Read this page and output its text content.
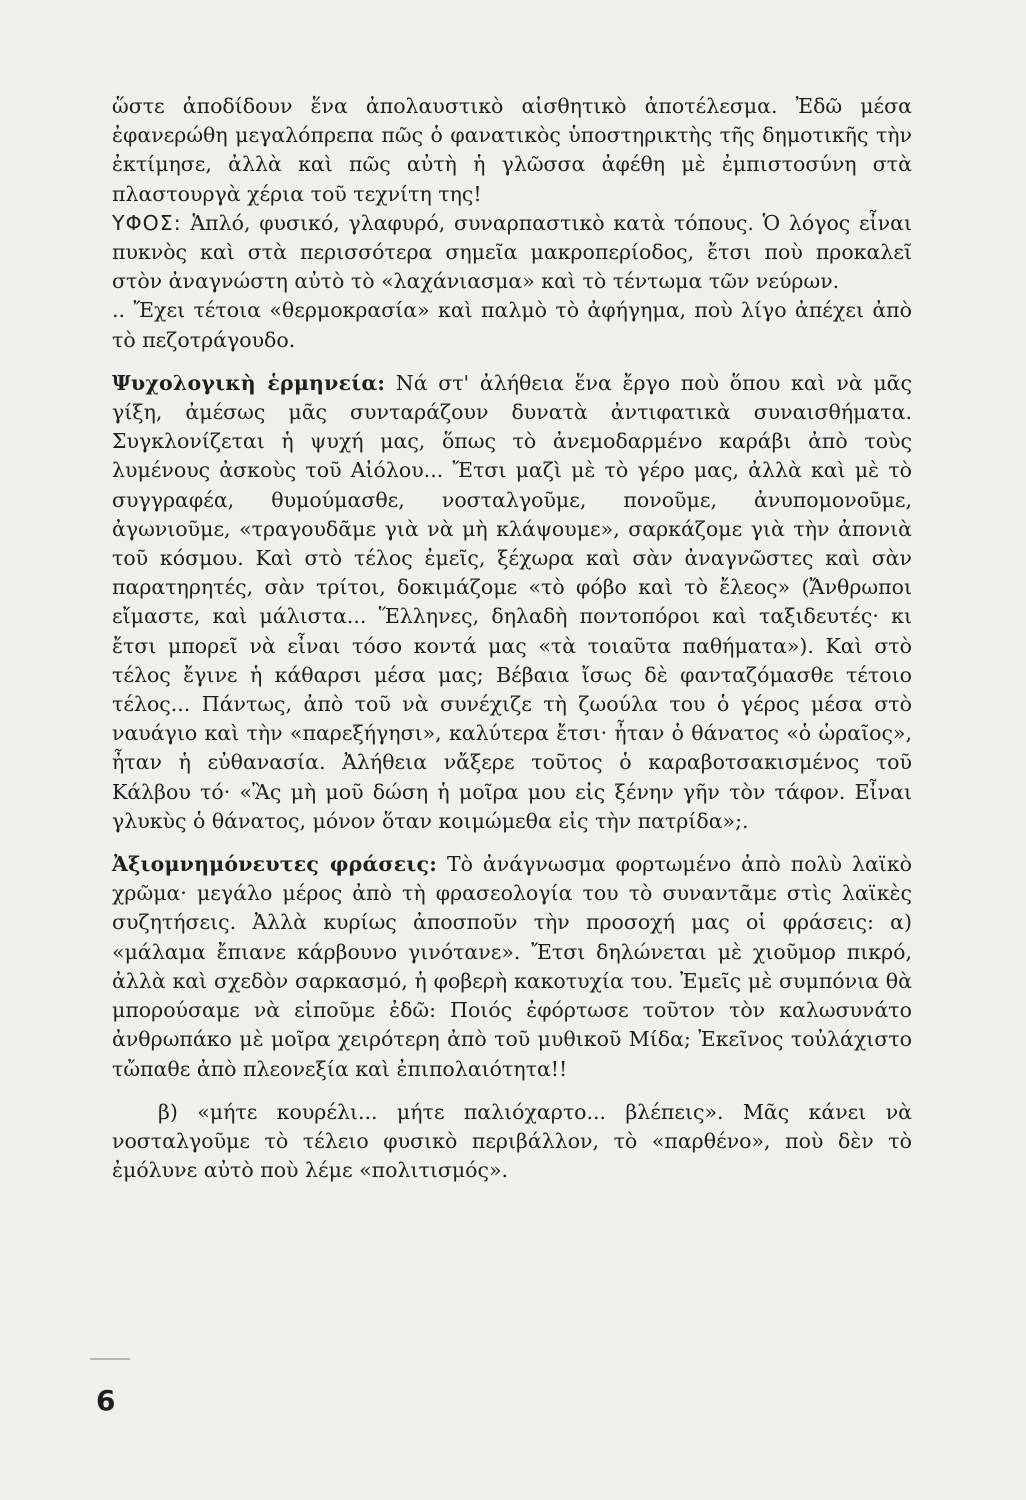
ὥστε ἀποδίδουν ἕνα ἀπολαυστικὸ αἰσθητικὸ ἀποτέλεσμα. Ἐδῶ μέσα ἐφανερώθη μεγαλόπρεπα πῶς ὁ φανατικὸς ὑποστηρικτὴς τῆς δημοτικῆς τὴν ἐκτίμησε, ἀλλὰ καὶ πῶς αὐτὴ ἡ γλῶσσα ἀφέθη μὲ ἐμπιστοσύνη στὰ πλαστουργὰ χέρια τοῦ τεχνίτη της!

ΥΦΟΣ: Ἁπλό, φυσικό, γλαφυρό, συναρπαστικὸ κατὰ τόπους. Ὁ λόγος εἶναι πυκνὸς καὶ στὰ περισσότερα σημεῖα μακροπερίοδος, ἔτσι ποὺ προκαλεῖ στὸν ἀναγνώστη αὐτὸ τὸ «λαχάνιασμα» καὶ τὸ τέντωμα τῶν νεύρων.

.. Ἔχει τέτοια «θερμοκρασία» καὶ παλμὸ τὸ ἀφήγημα, ποὺ λίγο ἀπέχει ἀπὸ τὸ πεζοτράγουδο.

Ψυχολογικὴ ἑρμηνεία: Νά στ' ἀλήθεια ἕνα ἔργο ποὺ ὅπου καὶ νὰ μᾶς γίξη, ἀμέσως μᾶς συνταράζουν δυνατὰ ἀντιφατικὰ συναισθήματα. Συγκλονίζεται ἡ ψυχή μας, ὅπως τὸ ἀνεμοδαρμένο καράβι ἀπὸ τοὺς λυμένους ἀσκοὺς τοῦ Αἰόλου... Ἔτσι μαζὶ μὲ τὸ γέρο μας, ἀλλὰ καὶ μὲ τὸ συγγραφέα, θυμούμασθε, νοσταλγοῦμε, πονοῦμε, ἀνυπομονοῦμε, ἀγωνιοῦμε, «τραγουδᾶμε γιὰ νὰ μὴ κλάψουμε», σαρκάζομε γιὰ τὴν ἀπονιὰ τοῦ κόσμου. Καὶ στὸ τέλος ἐμεῖς, ξέχωρα καὶ σὰν ἀναγνῶστες καὶ σὰν παρατηρητές, σὰν τρίτοι, δοκιμάζομε «τὸ φόβο καὶ τὸ ἔλεος» (Ἄνθρωποι εἴμαστε, καὶ μάλιστα... Ἕλληνες, δηλαδὴ ποντοπόροι καὶ ταξιδευτές· κι ἔτσι μπορεῖ νὰ εἶναι τόσο κοντά μας «τὰ τοιαῦτα παθήματα»). Καὶ στὸ τέλος ἔγινε ἡ κάθαρσι μέσα μας; Βέβαια ἴσως δὲ φανταζόμασθε τέτοιο τέλος... Πάντως, ἀπὸ τοῦ νὰ συνέχιζε τὴ ζωούλα του ὁ γέρος μέσα στὸ ναυάγιο καὶ τὴν «παρεξήγησι», καλύτερα ἔτσι· ἦταν ὁ θάνατος «ὁ ὡραῖος», ἦταν ἡ εὐθανασία. Ἀλήθεια νἄξερε τοῦτος ὁ καραβοτσακισμένος τοῦ Κάλβου τό· «Ἂς μὴ μοῦ δώση ἡ μοῖρα μου εἰς ξένην γῆν τὸν τάφον. Εἶναι γλυκὺς ὁ θάνατος, μόνον ὅταν κοιμώμεθα εἰς τὴν πατρίδα»;.

Ἀξιομνημόνευτες φράσεις: Τὸ ἀνάγνωσμα φορτωμένο ἀπὸ πολὺ λαϊκὸ χρῶμα· μεγάλο μέρος ἀπὸ τὴ φρασεολογία του τὸ συναντᾶμε στὶς λαϊκὲς συζητήσεις. Ἀλλὰ κυρίως ἀποσποῦν τὴν προσοχή μας οἱ φράσεις: α) «μάλαμα ἔπιανε κάρβουνο γινότανε». Ἔτσι δηλώνεται μὲ χιοῦμορ πικρό, ἀλλὰ καὶ σχεδὸν σαρκασμό, ἡ φοβερὴ κακοτυχία του. Ἐμεῖς μὲ συμπόνια θὰ μπορούσαμε νὰ εἰποῦμε ἐδῶ: Ποιός ἐφόρτωσε τοῦτον τὸν καλωσυνάτο ἀνθρωπάκο μὲ μοῖρα χειρότερη ἀπὸ τοῦ μυθικοῦ Μίδα; Ἐκεῖνος τοὐλάχιστο τὤπαθε ἀπὸ πλεονεξία καὶ ἐπιπολαιότητα!!

β) «μήτε κουρέλι... μήτε παλιόχαρτο... βλέπεις». Μᾶς κάνει νὰ νοσταλγοῦμε τὸ τέλειο φυσικὸ περιβάλλον, τὸ «παρθένο», ποὺ δὲν τὸ ἐμόλυνε αὐτὸ ποὺ λέμε «πολιτισμός».

6
